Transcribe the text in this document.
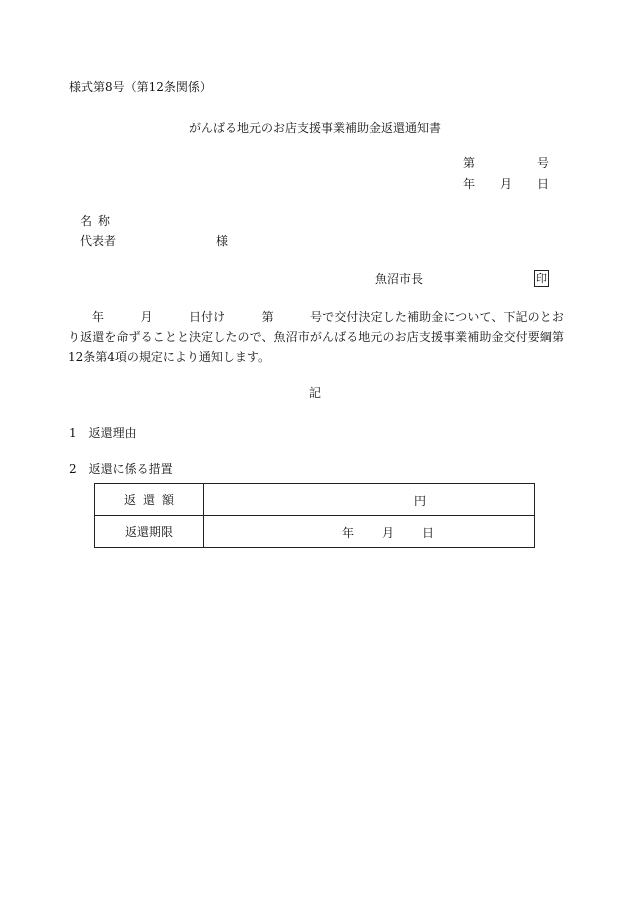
様式第8号（第12条関係）
がんばる地元のお店支援事業補助金返還通知書
第	号
年 月 日
名称
代表者	様
魚沼市長	印
年　　　	月　　　	日付け　　　	第　　　	号で交付決定した補助金について、下記のとおり返還を命ずることと決定したので、魚沼市がんばる地元のお店支援事業補助金交付要綱第12条第4項の規定により通知します。
記
1　 返還理由
2　 返還に係る措置
返還額	円

返還期限	年 月 日
